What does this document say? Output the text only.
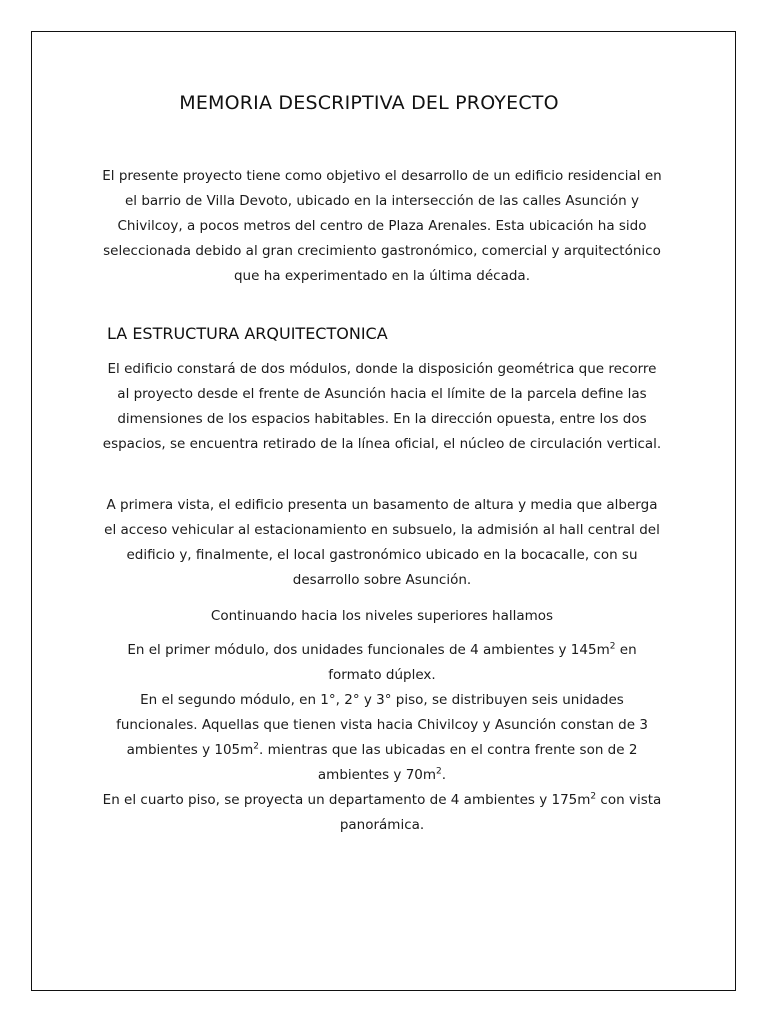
MEMORIA DESCRIPTIVA DEL PROYECTO

El presente proyecto tiene como objetivo el desarrollo de un edificio residencial en el barrio de Villa Devoto, ubicado en la intersección de las calles Asunción y Chivilcoy, a pocos metros del centro de Plaza Arenales. Esta ubicación ha sido seleccionada debido al gran crecimiento gastronómico, comercial y arquitectónico que ha experimentado en la última década.

LA ESTRUCTURA ARQUITECTONICA

El edificio constará de dos módulos, donde la disposición geométrica que recorre al proyecto desde el frente de Asunción hacia el límite de la parcela define las dimensiones de los espacios habitables. En la dirección opuesta, entre los dos espacios, se encuentra retirado de la línea oficial, el núcleo de circulación vertical.

A primera vista, el edificio presenta un basamento de altura y media que alberga el acceso vehicular al estacionamiento en subsuelo, la admisión al hall central del edificio y, finalmente, el local gastronómico ubicado en la bocacalle, con su desarrollo sobre Asunción.

Continuando hacia los niveles superiores hallamos

En el primer módulo, dos unidades funcionales de 4 ambientes y $145m^2$ en formato dúplex.

En el segundo módulo, en 1°, 2° y 3° piso, se distribuyen seis unidades funcionales. Aquellas que tienen vista hacia Chivilcoy y Asunción constan de 3 ambientes y $105m^2$. mientras que las ubicadas en el contra frente son de 2 ambientes y $70m^2$.

En el cuarto piso, se proyecta un departamento de 4 ambientes y $175m^2$ con vista panorámica.
